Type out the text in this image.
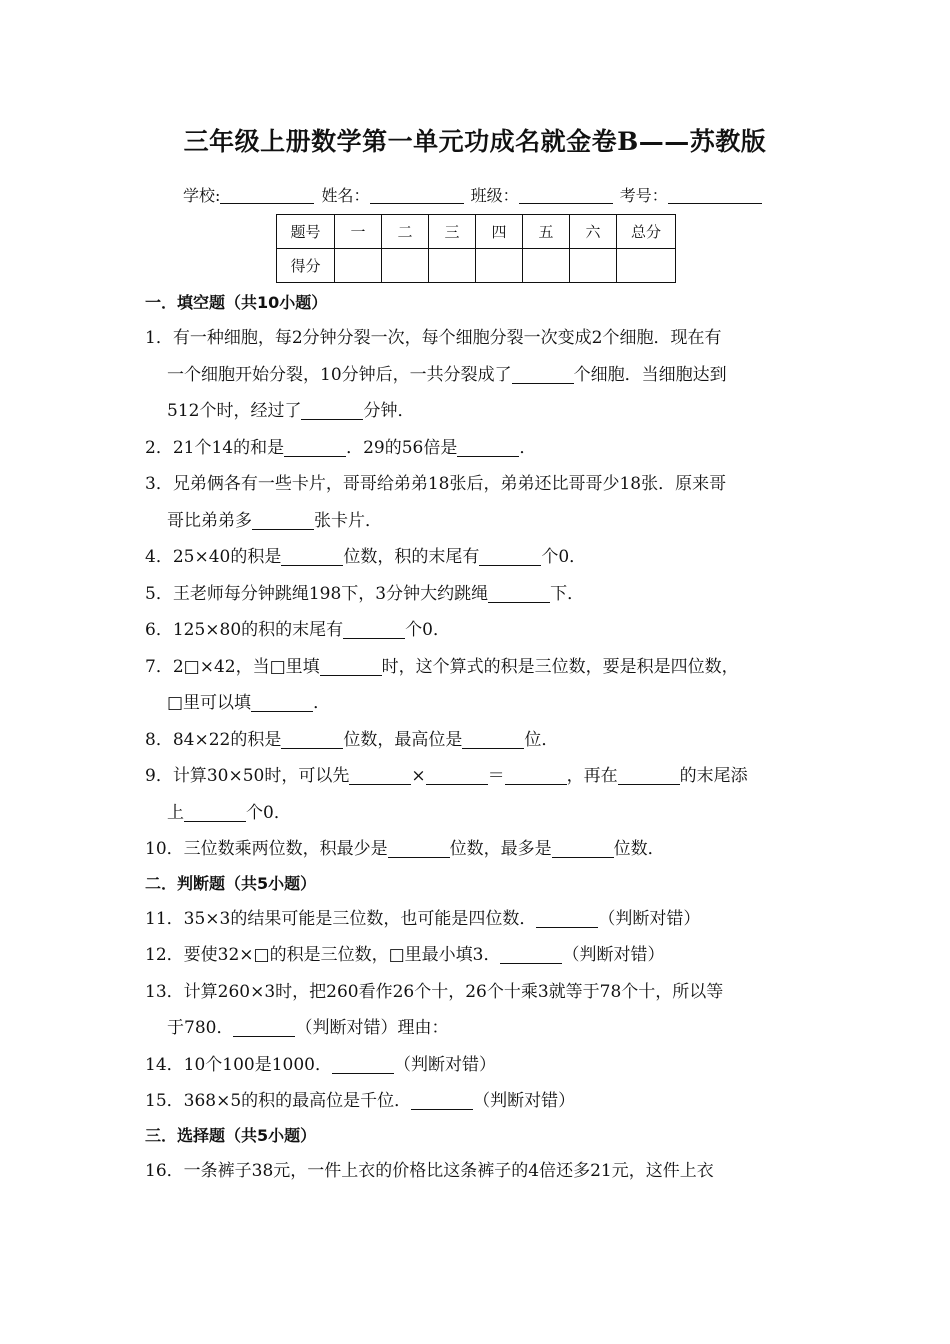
三年级上册数学第一单元功成名就金卷B——苏教版
学校:	姓名：	班级：	考号：
题号	一	二	三	四	五	六	总分
得分							
一．填空题（共10小题）
1．有一种细胞，每2分钟分裂一次，每个细胞分裂一次变成2个细胞．现在有
一个细胞开始分裂，10分钟后，一共分裂成了	个细胞．当细胞达到
512个时，经过了	分钟．
2．21个14的和是	．29的56倍是	．
3．兄弟俩各有一些卡片，哥哥给弟弟18张后，弟弟还比哥哥少18张．原来哥
哥比弟弟多	张卡片．
4．25×40的积是	位数，积的末尾有	个0．
5．王老师每分钟跳绳198下，3分钟大约跳绳	下．
6．125×80的积的末尾有	个0．
7．2□×42，当□里填	时，这个算式的积是三位数，要是积是四位数，
□里可以填	．
8．84×22的积是	位数，最高位是	位．
9．计算30×50时，可以先	×	＝	，再在	的末尾添
上	个0．
10．三位数乘两位数，积最少是	位数，最多是	位数．
二．判断题（共5小题）
11．35×3的结果可能是三位数，也可能是四位数．	（判断对错）
12．要使32×□的积是三位数，□里最小填3．	（判断对错）
13．计算260×3时，把260看作26个十，26个十乘3就等于78个十，所以等
于780．	（判断对错）理由：
14．10个100是1000．	（判断对错）
15．368×5的积的最高位是千位．	（判断对错）
三．选择题（共5小题）
16．一条裤子38元，一件上衣的价格比这条裤子的4倍还多21元，这件上衣
